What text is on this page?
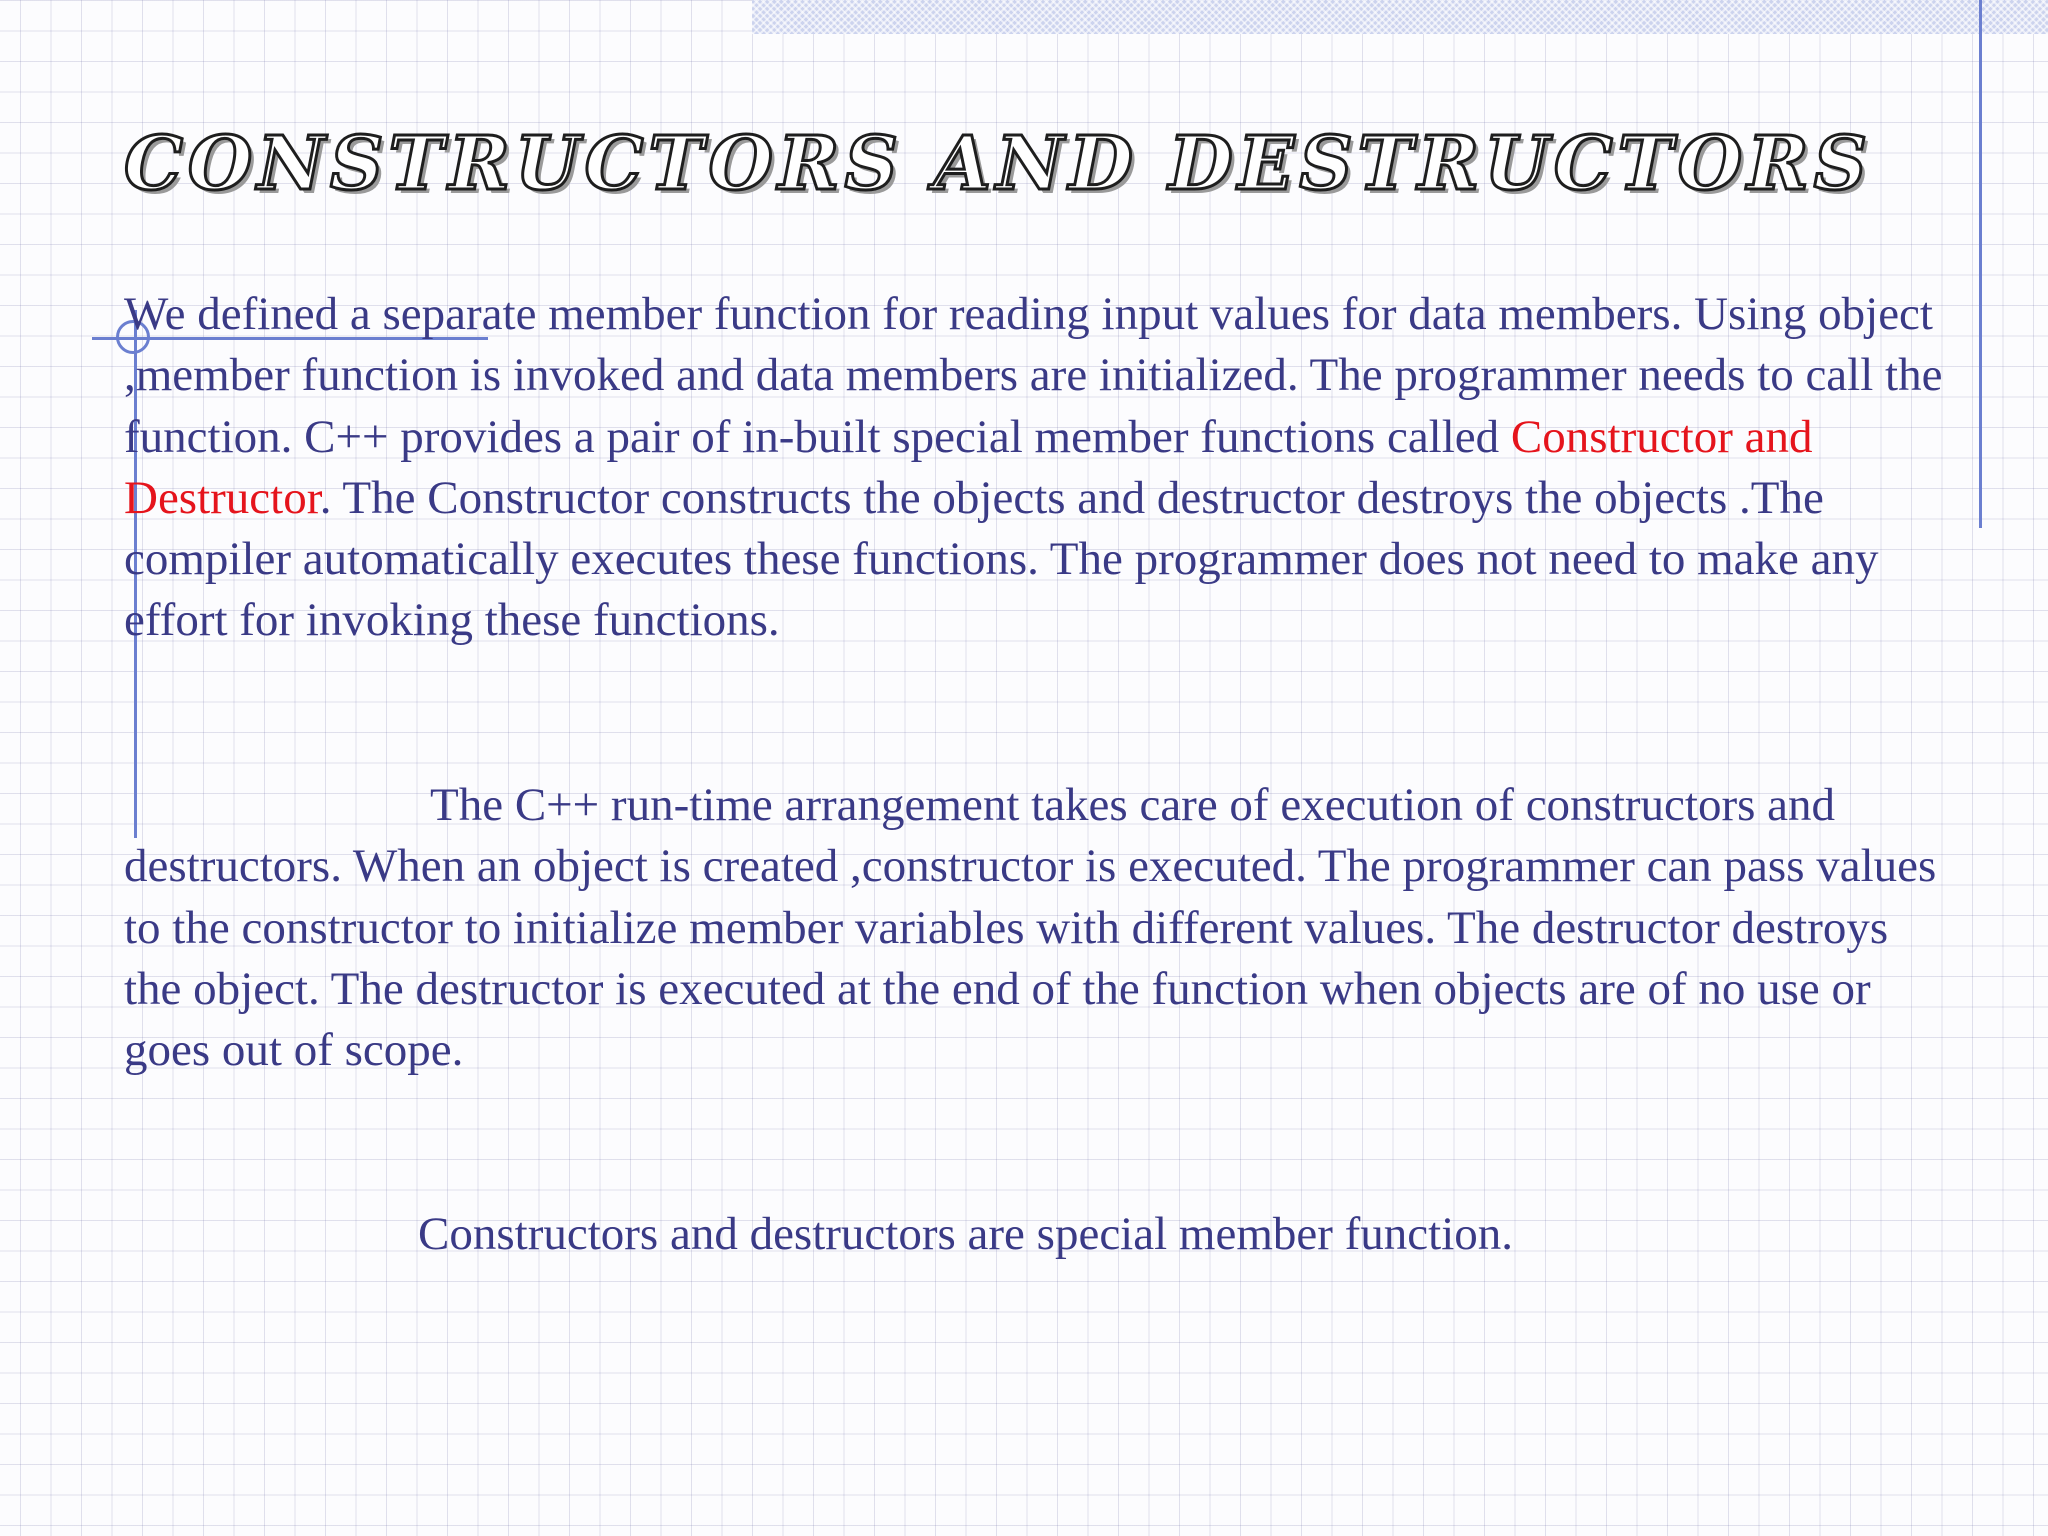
CONSTRUCTORS AND DESTRUCTORS

We defined a separate member function for reading input values for data members. Using object ,member function is invoked and data members are initialized. The programmer needs to call the function. C++ provides a pair of in-built special member functions called Constructor and Destructor. The Constructor constructs the objects and destructor destroys the objects .The compiler automatically executes these functions. The programmer does not need to make any effort for invoking these functions.

The C++ run-time arrangement takes care of execution of constructors and destructors. When an object is created ,constructor is executed. The programmer can pass values to the constructor to initialize member variables with different values. The destructor destroys the object. The destructor is executed at the end of the function when objects are of no use or goes out of scope.

Constructors and destructors are special member function.
